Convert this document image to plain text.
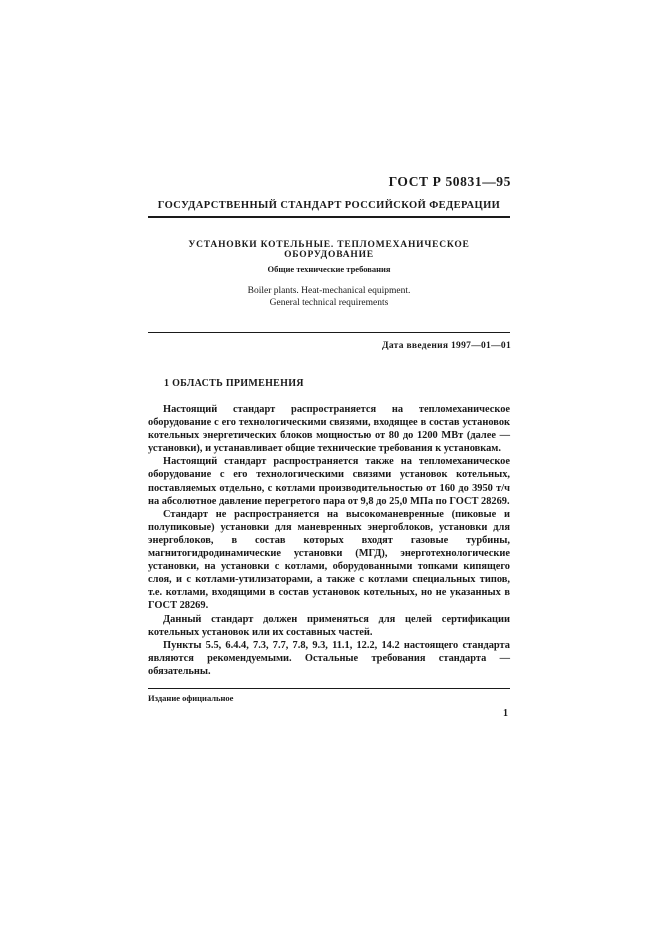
ГОСТ Р 50831—95
ГОСУДАРСТВЕННЫЙ СТАНДАРТ РОССИЙСКОЙ ФЕДЕРАЦИИ
УСТАНОВКИ КОТЕЛЬНЫЕ. ТЕПЛОМЕХАНИЧЕСКОЕ ОБОРУДОВАНИЕ
Общие технические требования
Boiler plants. Heat-mechanical equipment.
General technical requirements
Дата введения 1997—01—01
1 ОБЛАСТЬ ПРИМЕНЕНИЯ

Настоящий стандарт распространяется на тепломеханическое оборудование с его технологическими связями, входящее в состав установок котельных энергетических блоков мощностью от 80 до 1200 МВт (далее — установки), и устанавливает общие технические требования к установкам.

Настоящий стандарт распространяется также на тепломеханическое оборудование с его технологическими связями установок котельных, поставляемых отдельно, с котлами производительностью от 160 до 3950 т/ч на абсолютное давление перегретого пара от 9,8 до 25,0 МПа по ГОСТ 28269.

Стандарт не распространяется на высокоманевренные (пиковые и полупиковые) установки для маневренных энергоблоков, установки для энергоблоков, в состав которых входят газовые турбины, магнитогидродинамические установки (МГД), энерготехнологические установки, на установки с котлами, оборудованными топками кипящего слоя, и с котлами-утилизаторами, а также с котлами специальных типов, т.е. котлами, входящими в состав установок котельных, но не указанных в ГОСТ 28269.

Данный стандарт должен применяться для целей сертификации котельных установок или их составных частей.

Пункты 5.5, 6.4.4, 7.3, 7.7, 7.8, 9.3, 11.1, 12.2, 14.2 настоящего стандарта являются рекомендуемыми. Остальные требования стандарта — обязательны.

Издание официальное
1
